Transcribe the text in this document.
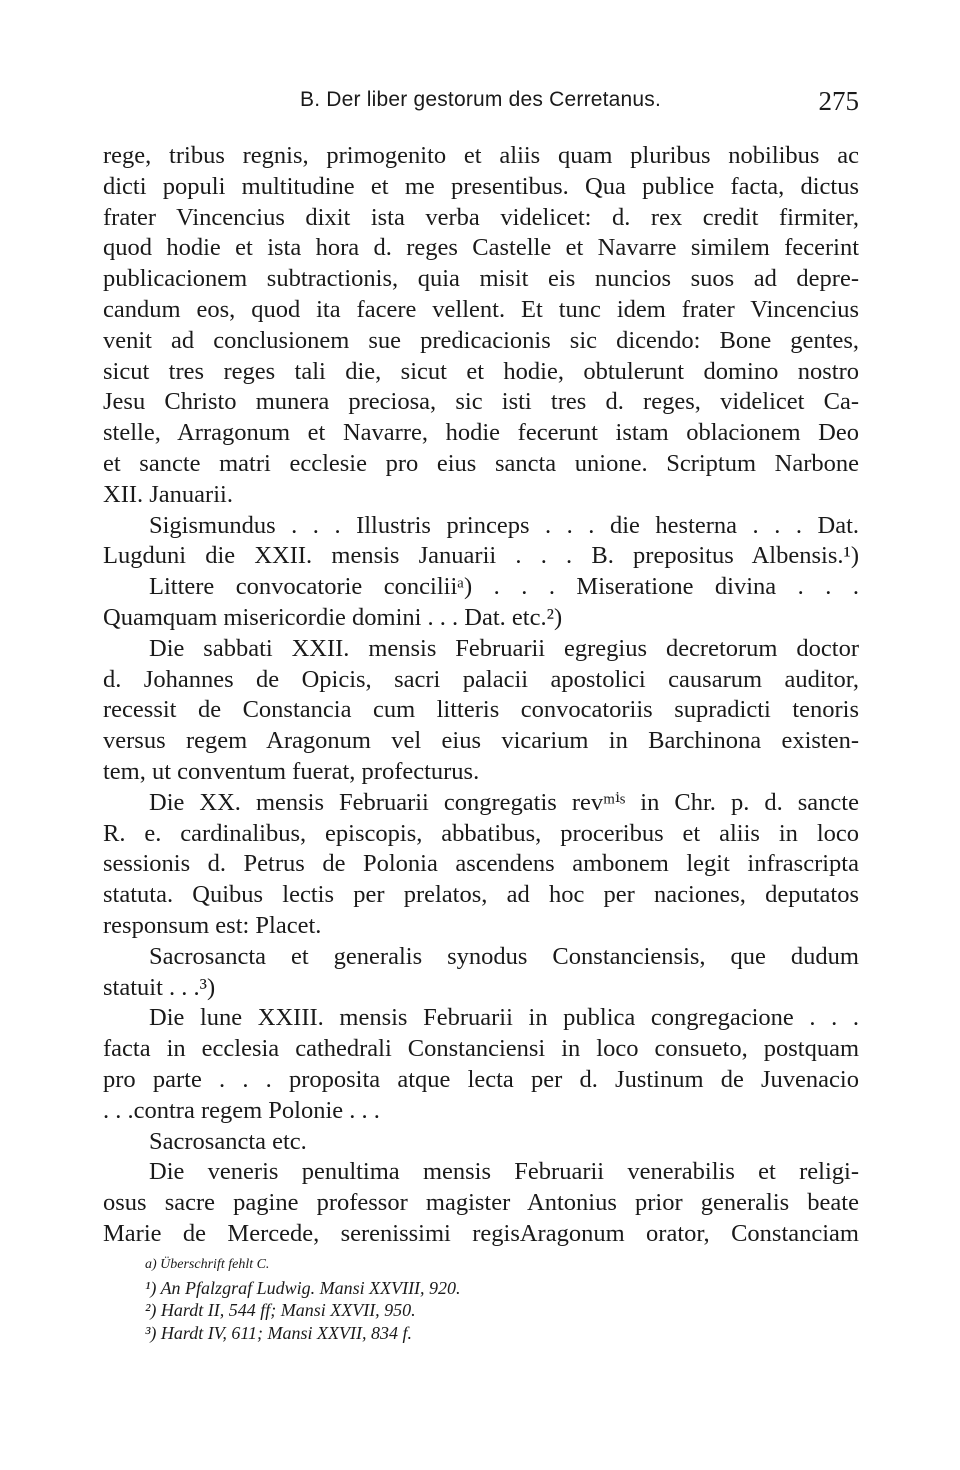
B. Der liber gestorum des Cerretanus.	275
rege, tribus regnis, primogenito et aliis quam pluribus nobilibus ac
dicti populi multitudine et me presentibus. Qua publice facta, dictus
frater Vincencius dixit ista verba videlicet: d. rex credit firmiter,
quod hodie et ista hora d. reges Castelle et Navarre similem fecerint
publicacionem subtractionis, quia misit eis nuncios suos ad depre-
candum eos, quod ita facere vellent. Et tunc idem frater Vincencius
venit ad conclusionem sue predicacionis sic dicendo: Bone gentes,
sicut tres reges tali die, sicut et hodie, obtulerunt domino nostro
Jesu Christo munera preciosa, sic isti tres d. reges, videlicet Ca-
stelle, Arragonum et Navarre, hodie fecerunt istam oblacionem Deo
et sancte matri ecclesie pro eius sancta unione. Scriptum Narbone
XII. Januarii.
Sigismundus . . . Illustris princeps . . . die hesterna . . . Dat.
Lugduni die XXII. mensis Januarii . . . B. prepositus Albensis.¹)
Littere convocatorie conciliiᵃ) . . . Miseratione divina . . .
Quamquam misericordie domini . . . Dat. etc.²)
Die sabbati XXII. mensis Februarii egregius decretorum doctor
d. Johannes de Opicis, sacri palacii apostolici causarum auditor,
recessit de Constancia cum litteris convocatoriis supradicti tenoris
versus regem Aragonum vel eius vicarium in Barchinona existen-
tem, ut conventum fuerat, profecturus.
Die XX. mensis Februarii congregatis revᵐⁱˢ in Chr. p. d. sancte
R. e. cardinalibus, episcopis, abbatibus, proceribus et aliis in loco
sessionis d. Petrus de Polonia ascendens ambonem legit infrascripta
statuta. Quibus lectis per prelatos, ad hoc per naciones, deputatos
responsum est: Placet.
Sacrosancta et generalis synodus Constanciensis, que dudum
statuit . . .³)
Die lune XXIII. mensis Februarii in publica congregacione . . .
facta in ecclesia cathedrali Constanciensi in loco consueto, postquam
pro parte . . . proposita atque lecta per d. Justinum de Juvenacio
. . .contra regem Polonie . . .
Sacrosancta etc.
Die veneris penultima mensis Februarii venerabilis et religi-
osus sacre pagine professor magister Antonius prior generalis beate
Marie de Mercede, serenissimi regisAragonum orator, Constanciam
a) Überschrift fehlt C.
¹) An Pfalzgraf Ludwig. Mansi XXVIII, 920.
²) Hardt II, 544 ff; Mansi XXVII, 950.
³) Hardt IV, 611; Mansi XXVII, 834 f.
